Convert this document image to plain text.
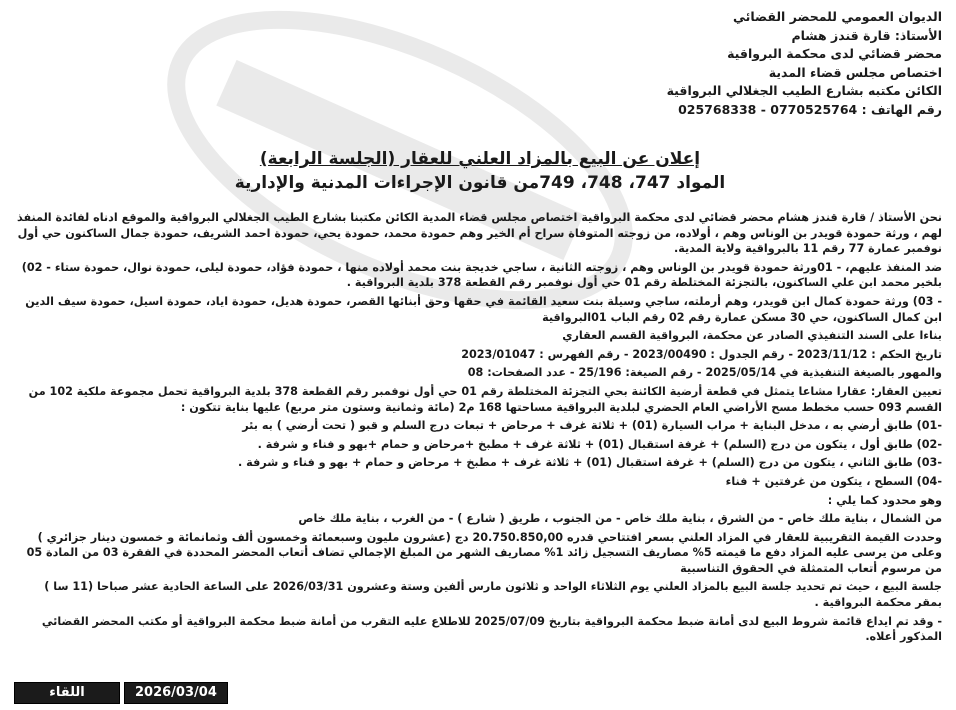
الديوان العمومي للمحضر القضائي
الأستاذ: قارة قندز هشام
محضر قضائي لدى محكمة البرواقية
اختصاص مجلس قضاء المدية
الكائن مكتبه بشارع الطيب الجغلالي البرواقية
رقم الهاتف : 025768338 - 0770525764
إعلان عن البيع بالمزاد العلني للعقار (الجلسة الرابعة)
المواد 747، 748، 749من قانون الإجراءات المدنية والإدارية

نحن الأستاذ / قارة قندز هشام محضر قضائي لدى محكمة البرواقية اختصاص مجلس قضاء المدية الكائن مكتبنا بشارع الطيب الجغلالي البرواقية والموقع ادناه لفائدة المنفذ لهم ، ورثة حمودة قويدر بن الوناس وهم ، أولاده، من زوجته المتوفاة سراح أم الخير وهم حمودة محمد، حمودة يحي، حمودة احمد الشريف، حمودة جمال الساكنون حي أول نوفمبر عمارة 77 رقم 11 بالبرواقية ولاية المدية.

ضد المنفذ عليهم، - 01ورثة حمودة قويدر بن الوناس وهم ، زوجته الثانية ، ساجي خديجة بنت محمد أولاده منها ، حمودة فؤاد، حمودة ليلى، حمودة نوال، حمودة ستاء - 02) بلخير محمد ابن علي الساكنون، بالتجزئة المختلطة رقم 01 حي أول نوفمبر رقم القطعة 378 بلدية البرواقية .

- 03) ورثة حمودة كمال ابن قويدر، وهم أرملته، ساجي وسيلة بنت سعيد القائمة في حقها وحق أبنائها القصر، حمودة هديل، حمودة اياد، حمودة اسيل، حمودة سيف الدين ابن كمال الساكنون، حي 30 مسكن عمارة رقم 02 رقم الباب 01البرواقية

بناءا على السند التنفيذي الصادر عن محكمة، البرواقية القسم العقاري

تاريخ الحكم : 2023/11/12 - رقم الجدول : 2023/00490 - رقم الفهرس : 2023/01047

والمهور بالصيغة التنفيذية في 2025/05/14 - رقم الصيغة: 25/196 - عدد الصفحات: 08

تعيين العقار: عقارا مشاعا يتمثل في قطعة أرضية الكائنة بحي التجزئة المختلطة رقم 01 حي أول نوفمبر رقم القطعة 378 بلدية البرواقية تحمل مجموعة ملكية 102 من القسم 093 حسب مخطط مسح الأراضي العام الحضري لبلدية البرواقية مساحتها 168 م2 (مائة وثمانية وستون متر مربع) عليها بناية تتكون :

-01) طابق أرضي به ، مدخل البناية + مراب السيارة (01) + ثلاثة غرف + مرحاض + تبعات درج السلم و قبو ( تحت أرضي ) به بئر

-02) طابق أول ، يتكون من درج (السلم) + غرفة استقبال (01) + ثلاثة غرف + مطبخ +مرحاض و حمام +بهو و فناء و شرفة .

-03) طابق الثاني ، يتكون من درج (السلم) + غرفة استقبال (01) + ثلاثة غرف + مطبخ + مرحاض و حمام + بهو و فناء و شرفة .

-04) السطح ، يتكون من غرفتين + فناء

وهو محدود كما يلي :

من الشمال ، بناية ملك خاص - من الشرق ، بناية ملك خاص - من الجنوب ، طريق ( شارع ) - من الغرب ، بناية ملك خاص

وحددت القيمة التقريبية للعقار في المزاد العلني بسعر افتتاحي قدره 20.750.850,00 دج (عشرون مليون وسبعمائة وخمسون ألف وثمانمائة و خمسون دينار جزائري ) وعلى من يرسى عليه المزاد دفع ما قيمته 5% مصاريف التسجيل زائد 1% مصاريف الشهر من المبلغ الإجمالي تضاف أتعاب المحضر المحددة في الفقرة 03 من المادة 05 من مرسوم أتعاب المتمثلة في الحقوق التناسبية

جلسة البيع ، حيث تم تحديد جلسة البيع بالمزاد العلني يوم الثلاثاء الواحد و ثلاثون مارس ألفين وستة وعشرون 2026/03/31 على الساعة الحادية عشر صباحا (11 سا ) بمقر محكمة البرواقية .

- وقد تم ايداع قائمة شروط البيع لدى أمانة ضبط محكمة البرواقية بتاريخ 2025/07/09 للاطلاع عليه التقرب من أمانة ضبط محكمة البرواقية أو مكتب المحضر القضائي المذكور أعلاه.

اللقاء	2026/03/04
